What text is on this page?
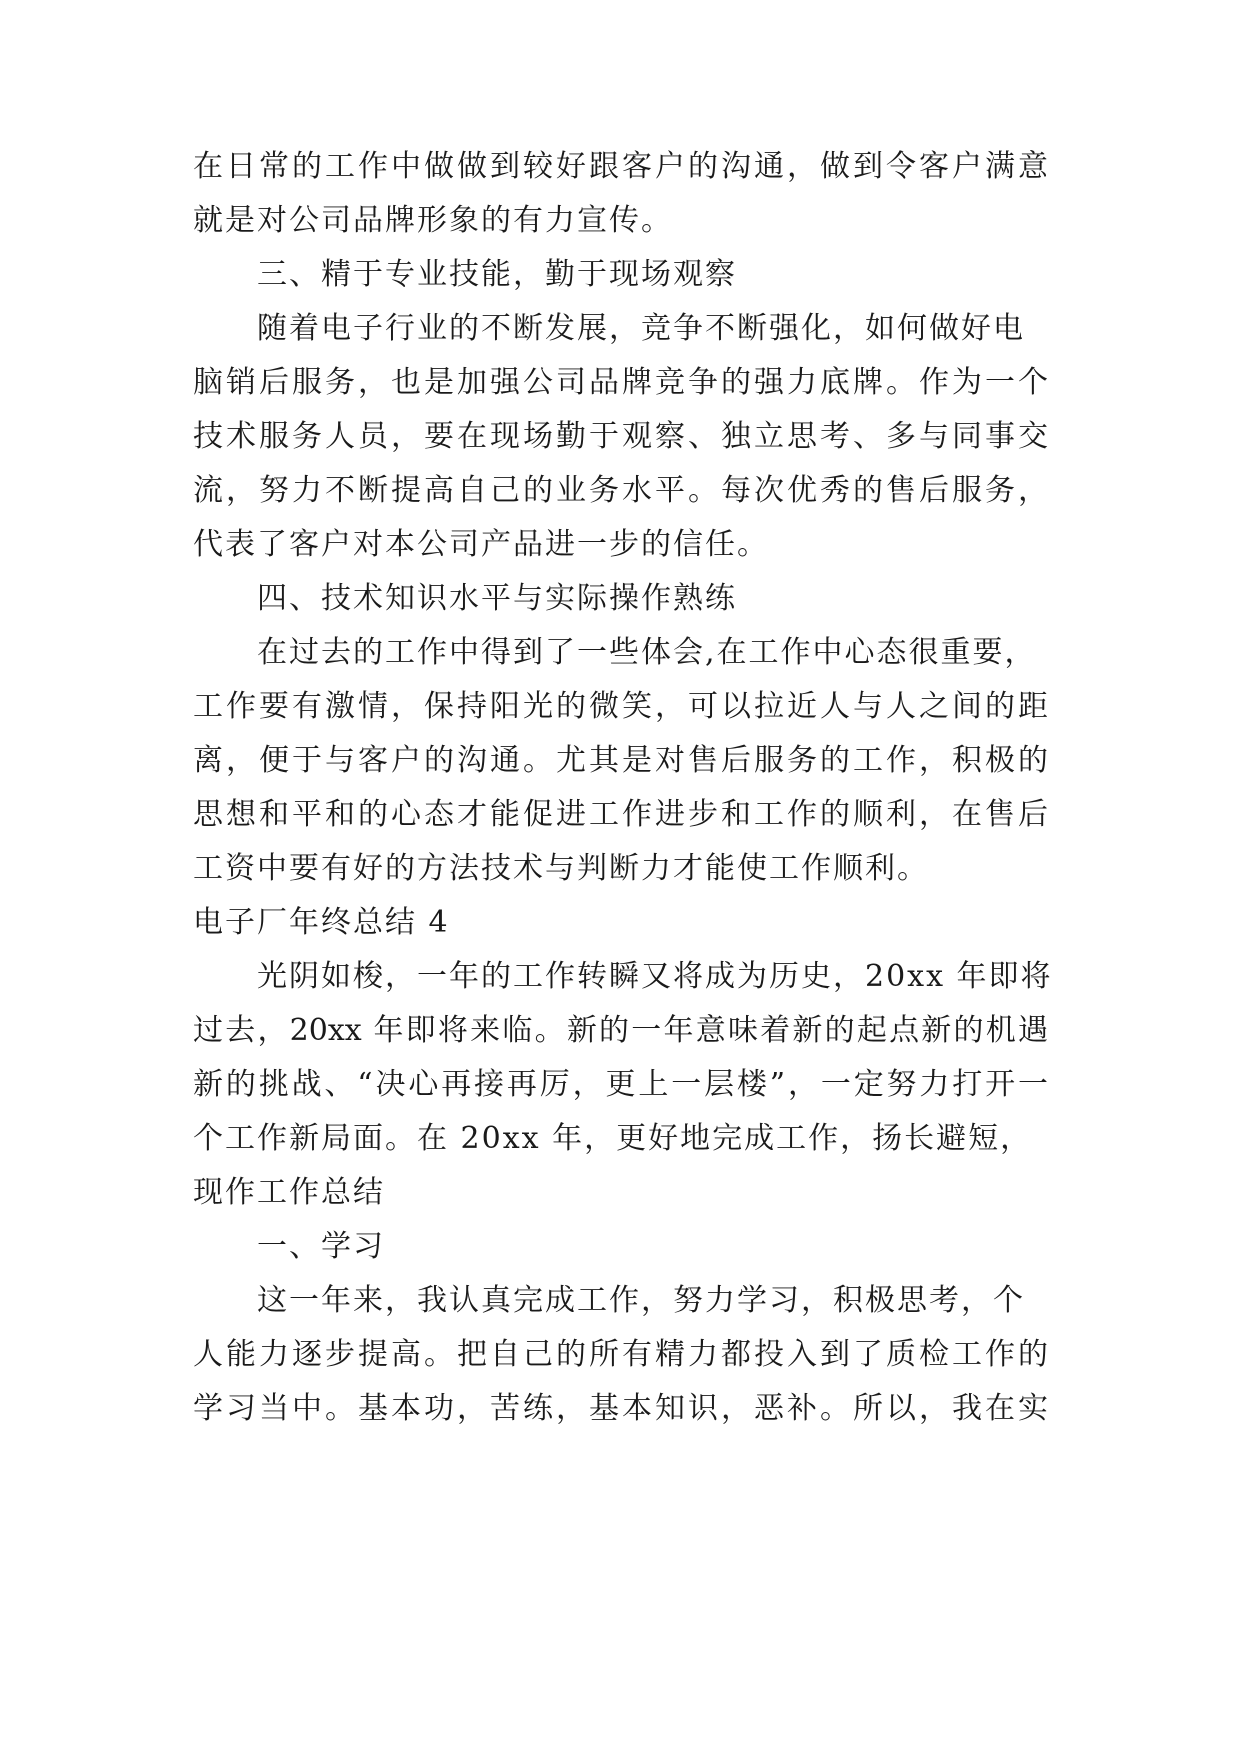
在日常的工作中做做到较好跟客户的沟通，做到令客户满意
就是对公司品牌形象的有力宣传。
三、精于专业技能，勤于现场观察
随着电子行业的不断发展，竞争不断强化，如何做好电
脑销后服务，也是加强公司品牌竞争的强力底牌。作为一个
技术服务人员，要在现场勤于观察、独立思考、多与同事交
流，努力不断提高自己的业务水平。每次优秀的售后服务，
代表了客户对本公司产品进一步的信任。
四、技术知识水平与实际操作熟练
在过去的工作中得到了一些体会,在工作中心态很重要，
工作要有激情，保持阳光的微笑，可以拉近人与人之间的距
离，便于与客户的沟通。尤其是对售后服务的工作，积极的
思想和平和的心态才能促进工作进步和工作的顺利，在售后
工资中要有好的方法技术与判断力才能使工作顺利。
电子厂年终总结 4
光阴如梭，一年的工作转瞬又将成为历史，20xx 年即将
过去，20xx 年即将来临。新的一年意味着新的起点新的机遇
新的挑战、“决心再接再厉，更上一层楼”，一定努力打开一
个工作新局面。在 20xx 年，更好地完成工作，扬长避短，
现作工作总结
一、学习
这一年来，我认真完成工作，努力学习，积极思考，个
人能力逐步提高。把自己的所有精力都投入到了质检工作的
学习当中。基本功，苦练，基本知识，恶补。所以，我在实
